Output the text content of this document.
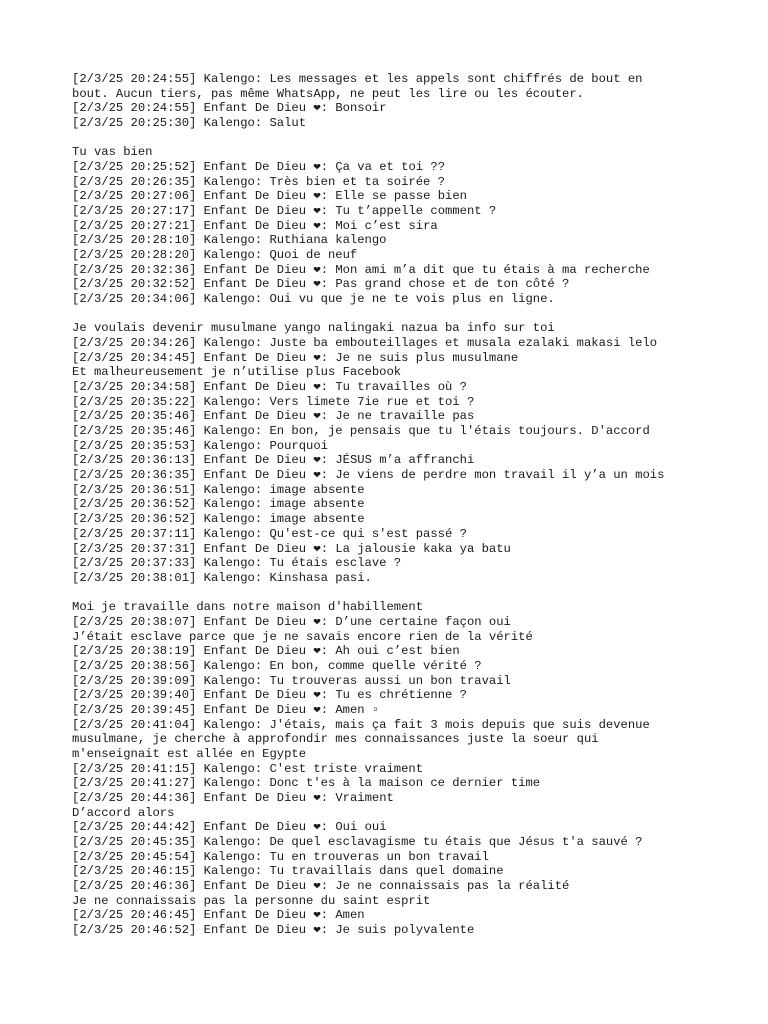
[2/3/25 20:24:55] Kalengo: Les messages et les appels sont chiffrés de bout en
bout. Aucun tiers, pas même WhatsApp, ne peut les lire ou les écouter.
[2/3/25 20:24:55] Enfant De Dieu ❤: Bonsoir
[2/3/25 20:25:30] Kalengo: Salut
Tu vas bien
[2/3/25 20:25:52] Enfant De Dieu ❤: Ça va et toi ??
[2/3/25 20:26:35] Kalengo: Très bien et ta soirée ?
[2/3/25 20:27:06] Enfant De Dieu ❤: Elle se passe bien
[2/3/25 20:27:17] Enfant De Dieu ❤: Tu t’appelle comment ?
[2/3/25 20:27:21] Enfant De Dieu ❤: Moi c’est sira
[2/3/25 20:28:10] Kalengo: Ruthiana kalengo
[2/3/25 20:28:20] Kalengo: Quoi de neuf
[2/3/25 20:32:36] Enfant De Dieu ❤: Mon ami m’a dit que tu étais à ma recherche
[2/3/25 20:32:52] Enfant De Dieu ❤: Pas grand chose et de ton côté ?
[2/3/25 20:34:06] Kalengo: Oui vu que je ne te vois plus en ligne.
Je voulais devenir musulmane yango nalingaki nazua ba info sur toi
[2/3/25 20:34:26] Kalengo: Juste ba embouteillages et musala ezalaki makasi lelo
[2/3/25 20:34:45] Enfant De Dieu ❤: Je ne suis plus musulmane
Et malheureusement je n’utilise plus Facebook
[2/3/25 20:34:58] Enfant De Dieu ❤: Tu travailles où ?
[2/3/25 20:35:22] Kalengo: Vers limete 7ie rue et toi ?
[2/3/25 20:35:46] Enfant De Dieu ❤: Je ne travaille pas
[2/3/25 20:35:46] Kalengo: En bon, je pensais que tu l'étais toujours. D'accord
[2/3/25 20:35:53] Kalengo: Pourquoi
[2/3/25 20:36:13] Enfant De Dieu ❤: JÉSUS m’a affranchi
[2/3/25 20:36:35] Enfant De Dieu ❤: Je viens de perdre mon travail il y’a un mois
[2/3/25 20:36:51] Kalengo: image absente
[2/3/25 20:36:52] Kalengo: image absente
[2/3/25 20:36:52] Kalengo: image absente
[2/3/25 20:37:11] Kalengo: Qu'est-ce qui s'est passé ?
[2/3/25 20:37:31] Enfant De Dieu ❤: La jalousie kaka ya batu
[2/3/25 20:37:33] Kalengo: Tu étais esclave ?
[2/3/25 20:38:01] Kalengo: Kinshasa pasi.
Moi je travaille dans notre maison d'habillement
[2/3/25 20:38:07] Enfant De Dieu ❤: D’une certaine façon oui
J’était esclave parce que je ne savais encore rien de la vérité
[2/3/25 20:38:19] Enfant De Dieu ❤: Ah oui c’est bien
[2/3/25 20:38:56] Kalengo: En bon, comme quelle vérité ?
[2/3/25 20:39:09] Kalengo: Tu trouveras aussi un bon travail
[2/3/25 20:39:40] Enfant De Dieu ❤: Tu es chrétienne ?
[2/3/25 20:39:45] Enfant De Dieu ❤: Amen ▫
[2/3/25 20:41:04] Kalengo: J'étais, mais ça fait 3 mois depuis que suis devenue
musulmane, je cherche à approfondir mes connaissances juste la soeur qui
m'enseignait est allée en Egypte
[2/3/25 20:41:15] Kalengo: C'est triste vraiment
[2/3/25 20:41:27] Kalengo: Donc t'es à la maison ce dernier time
[2/3/25 20:44:36] Enfant De Dieu ❤: Vraiment
D’accord alors
[2/3/25 20:44:42] Enfant De Dieu ❤: Oui oui
[2/3/25 20:45:35] Kalengo: De quel esclavagisme tu étais que Jésus t'a sauvé ?
[2/3/25 20:45:54] Kalengo: Tu en trouveras un bon travail
[2/3/25 20:46:15] Kalengo: Tu travaillais dans quel domaine
[2/3/25 20:46:36] Enfant De Dieu ❤: Je ne connaissais pas la réalité
Je ne connaissais pas la personne du saint esprit
[2/3/25 20:46:45] Enfant De Dieu ❤: Amen
[2/3/25 20:46:52] Enfant De Dieu ❤: Je suis polyvalente
